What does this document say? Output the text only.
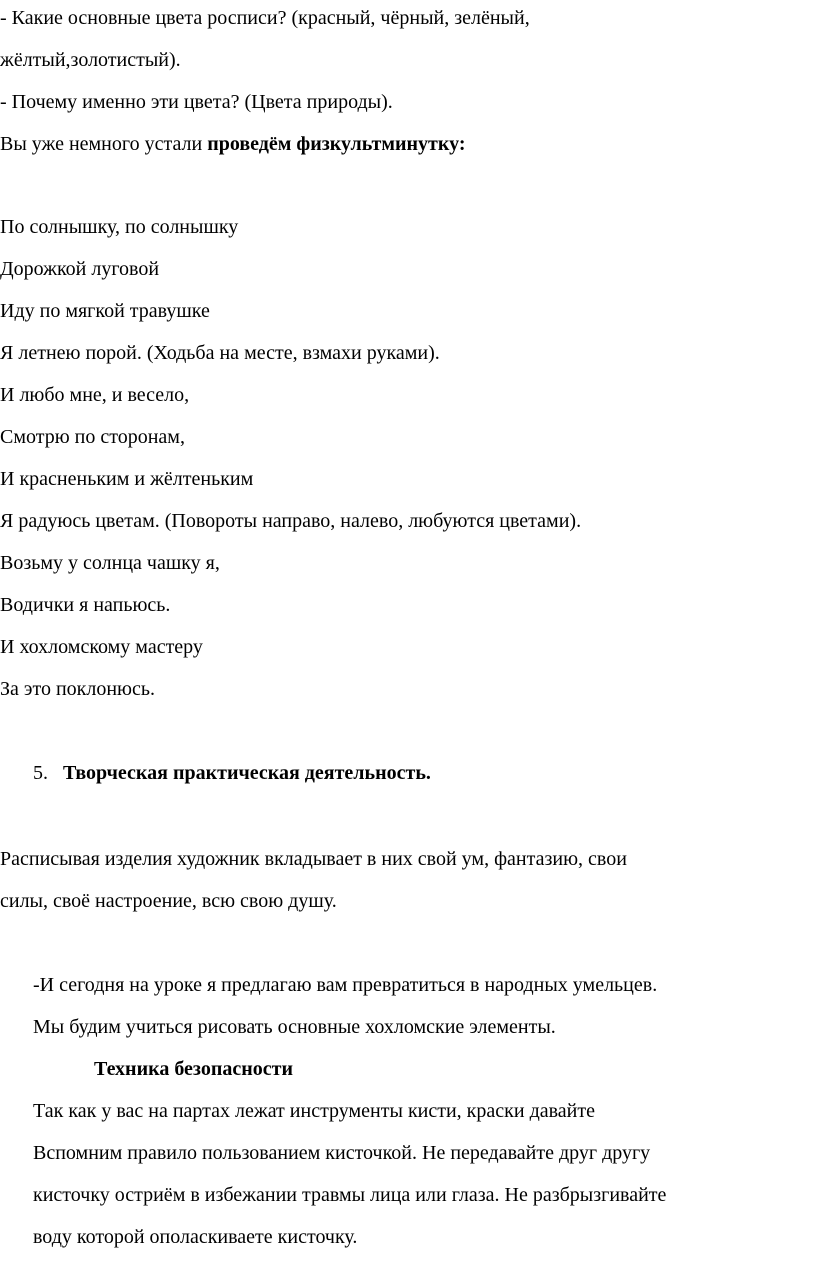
- Какие основные цвета росписи? (красный, чёрный, зелёный,
жёлтый,золотистый).
- Почему именно эти цвета? (Цвета природы).
Вы уже немного устали проведём физкультминутку:
По солнышку, по солнышку
Дорожкой луговой
Иду по мягкой травушке
Я летнею порой. (Ходьба на месте, взмахи руками).
И любо мне, и весело,
Смотрю по сторонам,
И красненьким и жёлтеньким
Я радуюсь цветам. (Повороты направо, налево, любуются цветами).
Возьму у солнца чашку я,
Водички я напьюсь.
И хохломскому мастеру
За это поклонюсь.
5. Творческая практическая деятельность.
Расписывая изделия художник вкладывает в них свой ум, фантазию, свои
силы, своё настроение, всю свою душу.
-И сегодня на уроке я предлагаю вам превратиться в народных умельцев.
Мы будим учиться рисовать основные хохломские элементы.
Техника безопасности
Так как у вас на партах лежат инструменты кисти, краски давайте
Вспомним правило пользованием кисточкой. Не передавайте друг другу
кисточку остриём в избежании травмы лица или глаза. Не разбрызгивайте
воду которой ополаскиваете кисточку.
